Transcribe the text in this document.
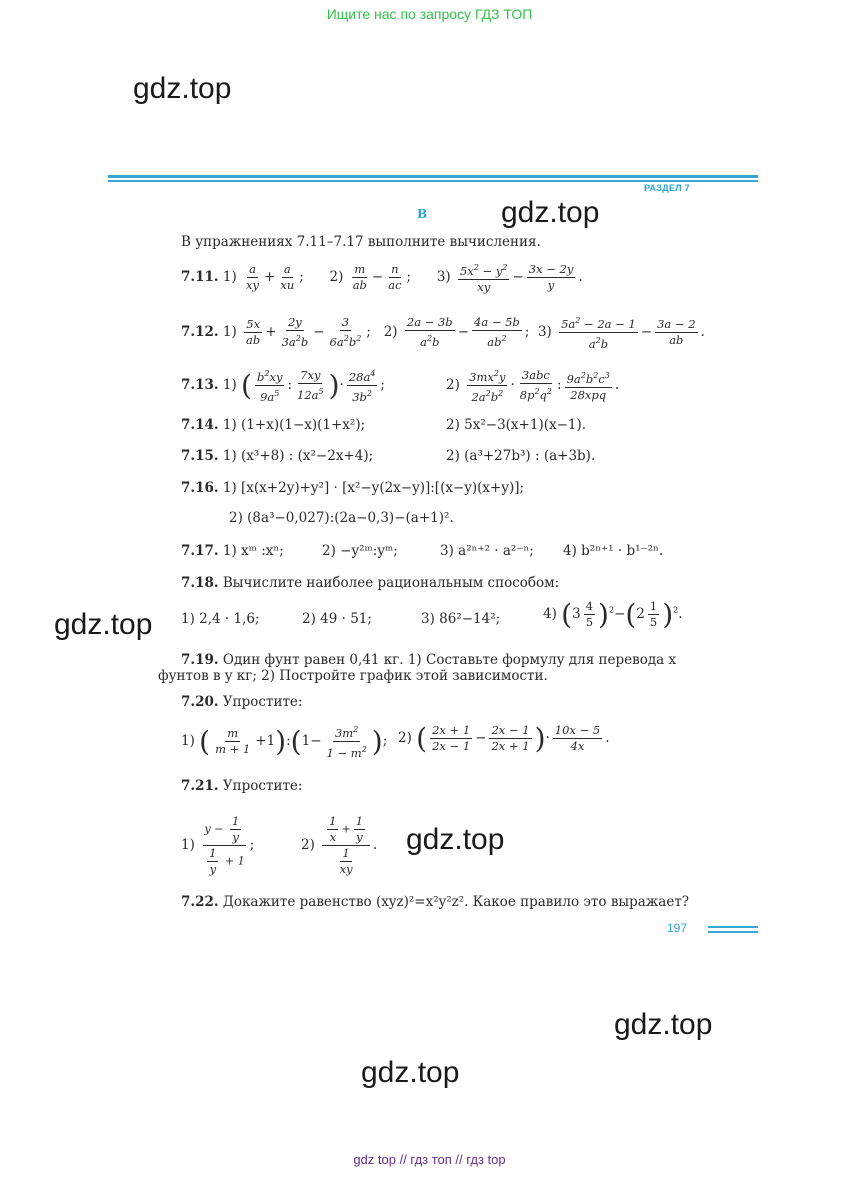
Ищите нас по запросу ГДЗ ТОП
gdz.top
gdz.top
gdz.top
gdz.top
gdz.top
gdz.top
РАЗДЕЛ 7
В
В упражнениях 7.11–7.17 выполните вычисления.
7.11. $1) \frac{a}{xy} + \frac{a}{xu}$ ;      $2) \frac{m}{ab} - \frac{n}{ac}$ ;      $3) \frac{5x^2 - y^2}{xy} - \frac{3x - 2y}{y}$ .
7.12. $1) \frac{5x}{ab} + \frac{2y}{3a^2b} - \frac{3}{6a^2b^2}$ ;   $2) \frac{2a - 3b}{a^2b} - \frac{4a - 5b}{ab^2}$ ;  $3) \frac{5a^2 - 2a - 1}{a^2b} - \frac{3a - 2}{ab}$ .
7.13. 1) ( $\frac{b^2xy}{9a^5}$ : $\frac{7xy}{12a^5}$ )· $\frac{28a^4}{3b^2}$ ;	$2) \frac{3mx^2y}{2a^2b^2} \cdot \frac{\text{3abc}}{8p^2q^2}$ : $\frac{9a^2b^2c^3}{\text{28xpq}}$ .
7.14. 1) (1+x)(1−x)(1+x²);	2) 5x²−3(x+1)(x−1).
7.15. 1) (x³+8) : (x²−2x+4);	2) (a³+27b³) : (a+3b).
7.16. 1) [x(x+2y)+y²] · [x²−y(2x−y)]:[(x−y)(x+y)];
2) (8a³−0,027):(2a−0,3)−(a+1)².
7.17. 1) xᵐ :xⁿ;	2) −y²ᵐ:yᵐ;	3) a²ⁿ⁺² · a²⁻ⁿ; 4) b²ⁿ⁺¹ · b¹⁻²ⁿ.
7.18. Вычислите наиболее рациональным способом:
1) 2,4 · 1,6;	2) 49 · 51;	3) 86²−14²;	4) $(3 \frac{4}{5} )^2-(2 \frac{1}{5} )^2$.
7.19. Один фунт равен 0,41 кг. 1) Составьте формулу для перевода x
фунтов в y кг; 2) Постройте график этой зависимости.
7.20. Упростите:
1) ( $\frac{m}{m + 1}$ +1):(1− $\frac{3m^2}{1 - m^2}$ ); 2) ( $\frac{2x + 1}{2x - 1} - \frac{2x - 1}{2x + 1}$ )· $\frac{10x - 5}{4x}$ .
7.21. Упростите:
$1) \frac{y - \frac{1}{y}}{\frac{1}{y} + 1}$ ;	$2) \frac{\frac{1}{x} + \frac{1}{y}}{\frac{1}{xy}}$ .
7.22. Докажите равенство (xyz)²=x²y²z². Какое правило это выражает?
197
gdz top // гдз топ // гдз top
